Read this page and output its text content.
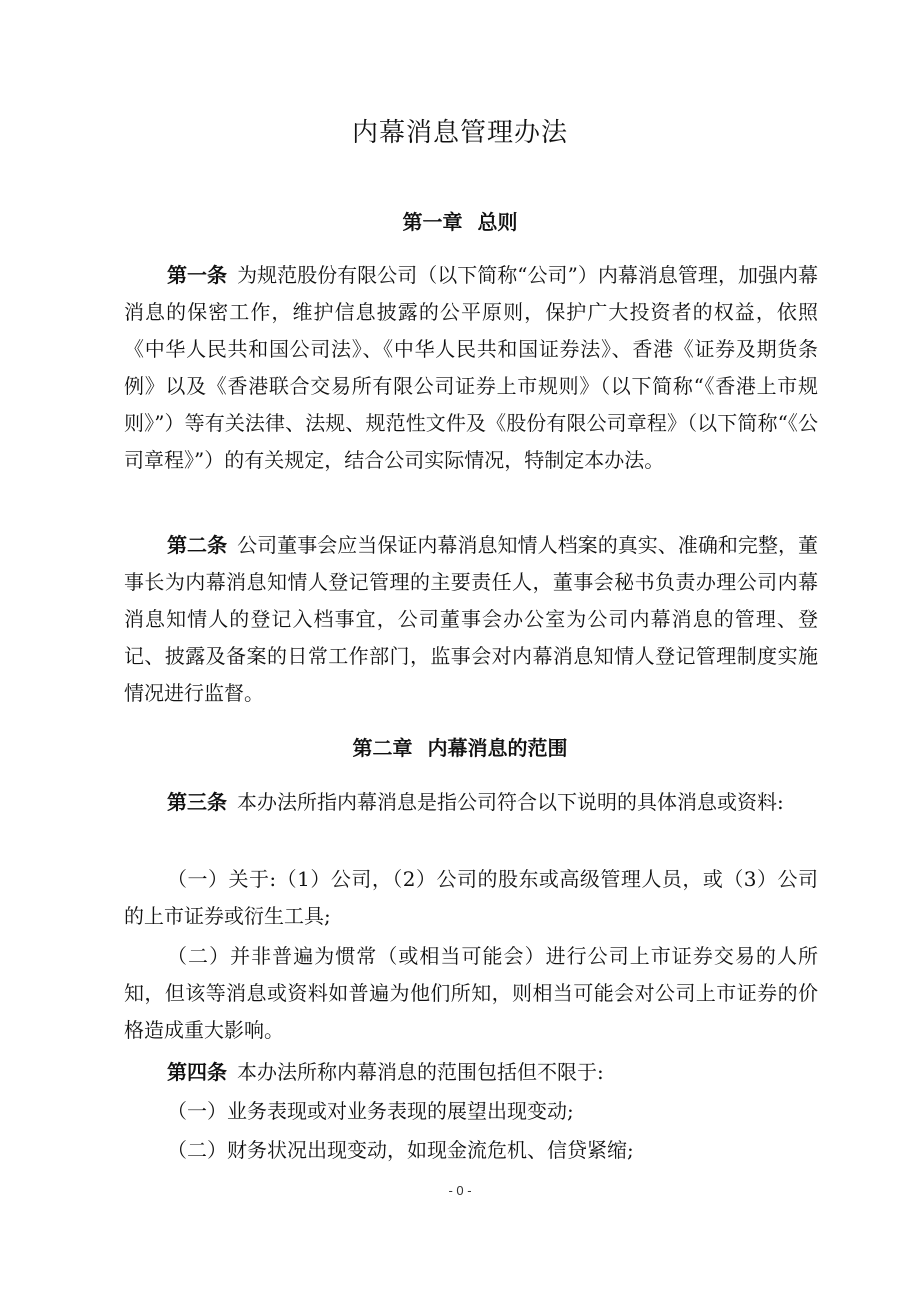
内幕消息管理办法
第一章 总则

第一条 为规范股份有限公司（以下简称“公司”）内幕消息管理，加强内幕消息的保密工作，维护信息披露的公平原则，保护广大投资者的权益，依照《中华人民共和国公司法》、《中华人民共和国证券法》、香港《证券及期货条例》以及《香港联合交易所有限公司证券上市规则》（以下简称“《香港上市规则》”）等有关法律、法规、规范性文件及《股份有限公司章程》（以下简称“《公司章程》”）的有关规定，结合公司实际情况，特制定本办法。

第二条 公司董事会应当保证内幕消息知情人档案的真实、准确和完整，董事长为内幕消息知情人登记管理的主要责任人，董事会秘书负责办理公司内幕消息知情人的登记入档事宜，公司董事会办公室为公司内幕消息的管理、登记、披露及备案的日常工作部门，监事会对内幕消息知情人登记管理制度实施情况进行监督。

第二章 内幕消息的范围

第三条 本办法所指内幕消息是指公司符合以下说明的具体消息或资料:

（一）关于:（1）公司，（2）公司的股东或高级管理人员，或（3）公司的上市证券或衍生工具;

（二）并非普遍为惯常（或相当可能会）进行公司上市证券交易的人所知，但该等消息或资料如普遍为他们所知，则相当可能会对公司上市证券的价格造成重大影响。

第四条 本办法所称内幕消息的范围包括但不限于:

（一）业务表现或对业务表现的展望出现变动;

（二）财务状况出现变动，如现金流危机、信贷紧缩;

- 0 -
